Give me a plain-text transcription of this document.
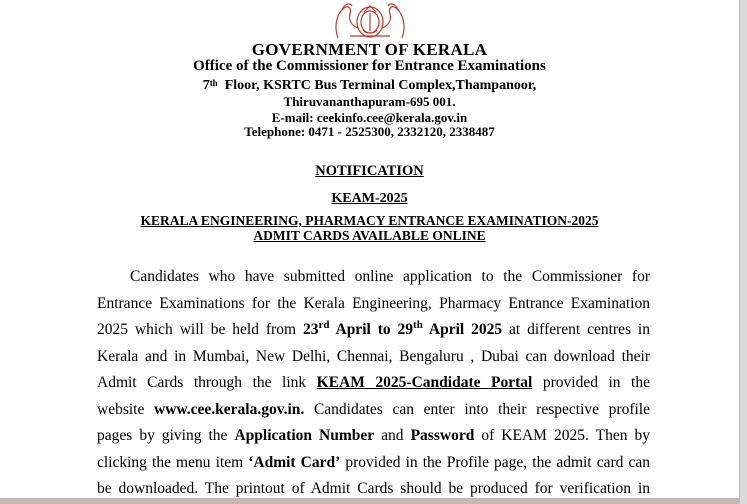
GOVERNMENT OF KERALA
Office of the Commissioner for Entrance Examinations
7th Floor, KSRTC Bus Terminal Complex,Thampanoor,
Thiruvananthapuram-695 001.
E-mail: ceekinfo.cee@kerala.gov.in
Telephone: 0471 - 2525300, 2332120, 2338487
NOTIFICATION
KEAM-2025
KERALA ENGINEERING, PHARMACY ENTRANCE EXAMINATION-2025
ADMIT CARDS AVAILABLE ONLINE
Candidates who have submitted online application to the Commissioner for
Entrance Examinations for the Kerala Engineering, Pharmacy Entrance Examination
2025 which will be held from 23rd April to 29th April 2025 at different centres in
Kerala and in Mumbai, New Delhi, Chennai, Bengaluru , Dubai can download their
Admit Cards through the link KEAM 2025-Candidate Portal provided in the
website www.cee.kerala.gov.in. Candidates can enter into their respective profile
pages by giving the Application Number and Password of KEAM 2025. Then by
clicking the menu item ‘Admit Card’ provided in the Profile page, the admit card can
be downloaded. The printout of Admit Cards should be produced for verification in
